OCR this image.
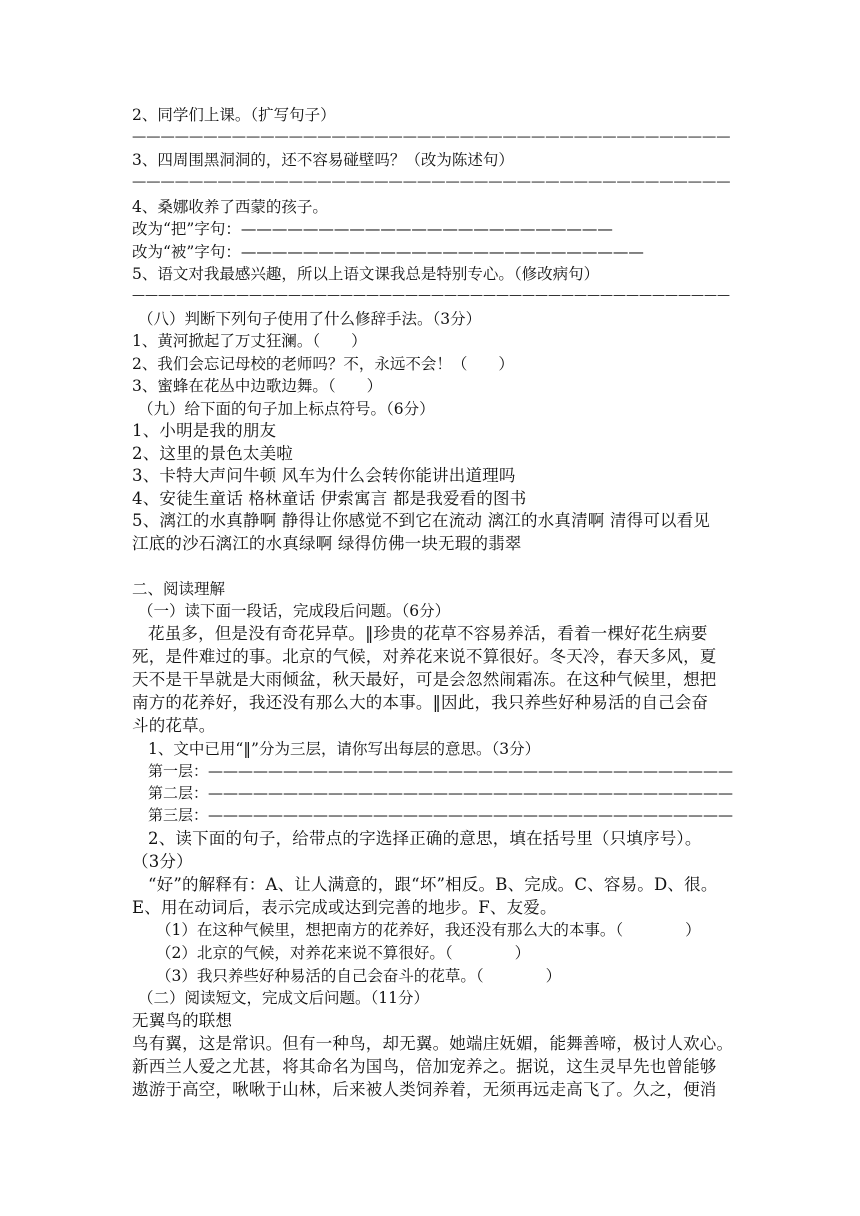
2、同学们上课。（扩写句子）
——————————————————————————————————————————
3、四周围黑洞洞的，还不容易碰壁吗？（改为陈述句）
——————————————————————————————————————————
4、桑娜收养了西蒙的孩子。
改为“把”字句：————————————————————————
改为“被”字句：——————————————————————————
5、语文对我最感兴趣，所以上语文课我总是特别专心。（修改病句）
——————————————————————————————————————————————
（八）判断下列句子使用了什么修辞手法。（3分）
1、黄河掀起了万丈狂澜。（　　）
2、我们会忘记母校的老师吗？不，永远不会！（　　）
3、蜜蜂在花丛中边歌边舞。（　　）
（九）给下面的句子加上标点符号。（6分）
1、小明是我的朋友
2、这里的景色太美啦
3、卡特大声问牛顿 风车为什么会转你能讲出道理吗
4、安徒生童话 格林童话 伊索寓言 都是我爱看的图书
5、漓江的水真静啊 静得让你感觉不到它在流动 漓江的水真清啊 清得可以看见
江底的沙石漓江的水真绿啊 绿得仿佛一块无瑕的翡翠
二、阅读理解
（一）读下面一段话，完成段后问题。（6分）
花虽多，但是没有奇花异草。‖珍贵的花草不容易养活，看着一棵好花生病要
死，是件难过的事。北京的气候，对养花来说不算很好。冬天冷，春天多风，夏
天不是干旱就是大雨倾盆，秋天最好，可是会忽然闹霜冻。在这种气候里，想把
南方的花养好，我还没有那么大的本事。‖因此，我只养些好种易活的自己会奋
斗的花草。
1、文中已用“‖”分为三层，请你写出每层的意思。（3分）
第一层：———————————————————————————————————
第二层：———————————————————————————————————
第三层：———————————————————————————————————
2、读下面的句子，给带点的字选择正确的意思，填在括号里（只填序号）。
（3分）
“好”的解释有：A、让人满意的，跟“坏”相反。B、完成。C、容易。D、很。
E、用在动词后，表示完成或达到完善的地步。F、友爱。
（1）在这种气候里，想把南方的花养好，我还没有那么大的本事。（　　　　）
（2）北京的气候，对养花来说不算很好。（　　　　）
（3）我只养些好种易活的自己会奋斗的花草。（　　　　）
（二）阅读短文，完成文后问题。（11分）
无翼鸟的联想
鸟有翼，这是常识。但有一种鸟，却无翼。她端庄妩媚，能舞善啼，极讨人欢心。
新西兰人爱之尤甚，将其命名为国鸟，倍加宠养之。据说，这生灵早先也曾能够
遨游于高空，啾啾于山林，后来被人类饲养着，无须再远走高飞了。久之，便消
